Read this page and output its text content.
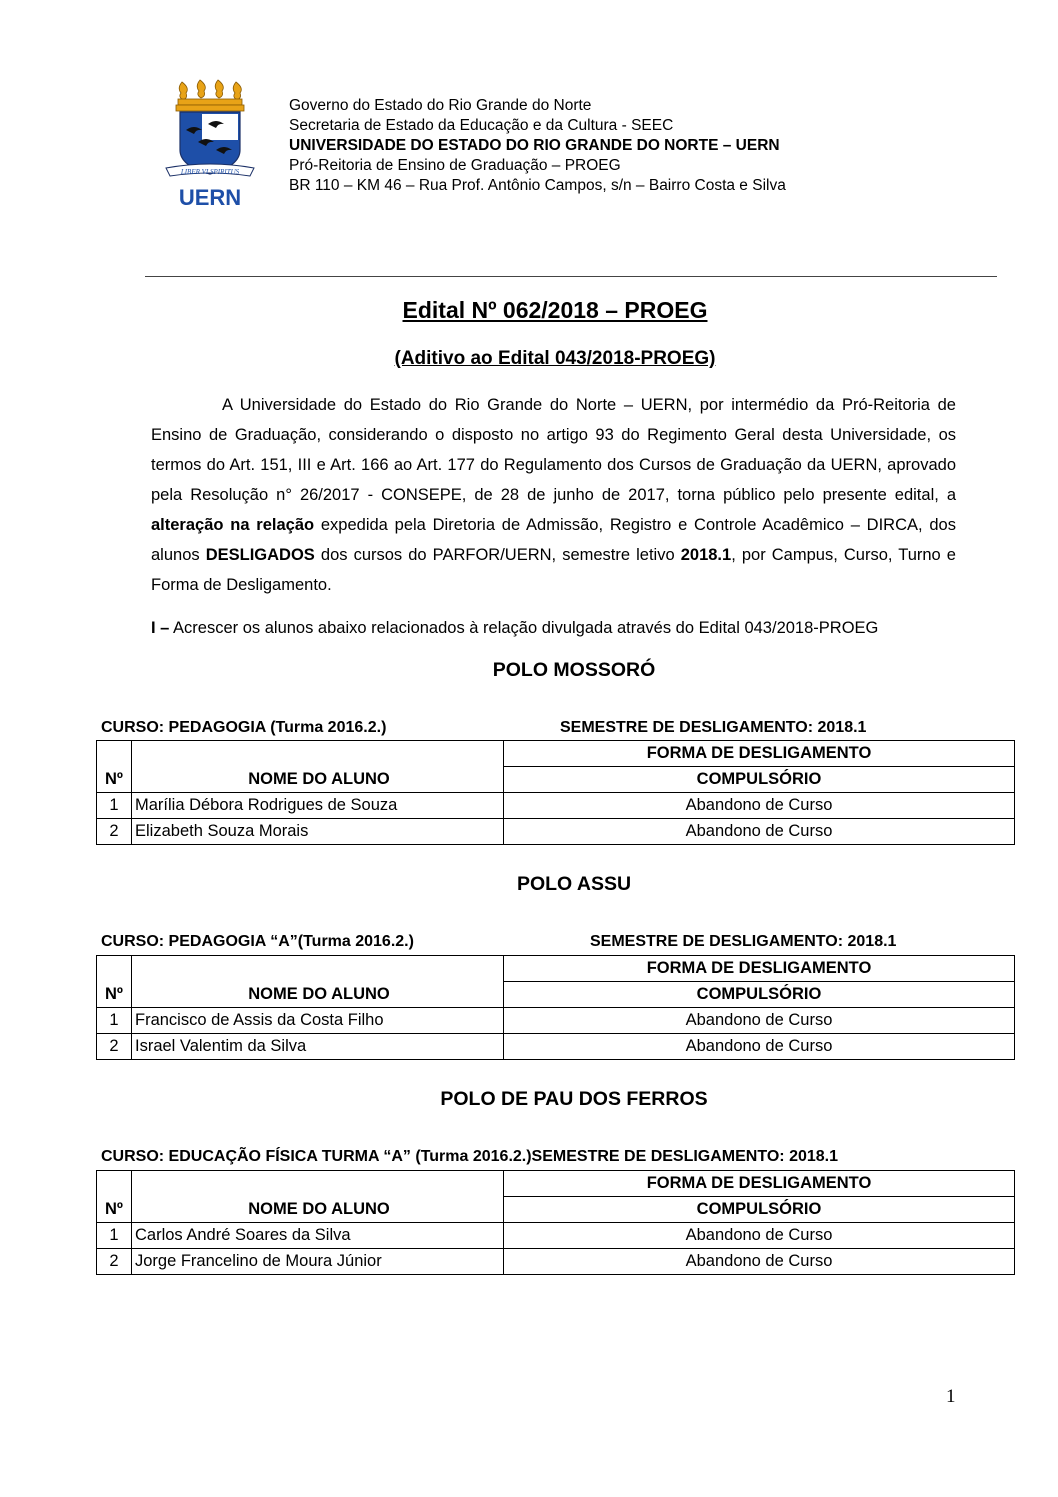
LIBER VI SPIRITUS
UERN
Governo do Estado do Rio Grande do Norte
Secretaria de Estado da Educação e da Cultura - SEEC
UNIVERSIDADE DO ESTADO DO RIO GRANDE DO NORTE – UERN
Pró-Reitoria de Ensino de Graduação – PROEG
BR 110 – KM 46 – Rua Prof. Antônio Campos, s/n – Bairro Costa e Silva
Edital Nº 062/2018 – PROEG
(Aditivo ao Edital 043/2018-PROEG)

A Universidade do Estado do Rio Grande do Norte – UERN, por intermédio da Pró-Reitoria de Ensino de Graduação, considerando o disposto no artigo 93 do Regimento Geral desta Universidade, os termos do Art. 151, III e Art. 166 ao Art. 177 do Regulamento dos Cursos de Graduação da UERN, aprovado pela Resolução n° 26/2017 - CONSEPE, de 28 de junho de 2017, torna público pelo presente edital, a alteração na relação expedida pela Diretoria de Admissão, Registro e Controle Acadêmico – DIRCA, dos alunos DESLIGADOS dos cursos do PARFOR/UERN, semestre letivo 2018.1, por Campus, Curso, Turno e Forma de Desligamento.

I – Acrescer os alunos abaixo relacionados à relação divulgada através do Edital 043/2018-PROEG
POLO MOSSORÓ
CURSO: PEDAGOGIA (Turma 2016.2.)	SEMESTRE DE DESLIGAMENTO: 2018.1
Nº	NOME DO ALUNO	FORMA DE DESLIGAMENTO
		COMPULSÓRIO
1	Marília Débora Rodrigues de Souza	Abandono de Curso
2	Elizabeth Souza Morais	Abandono de Curso
POLO ASSU
CURSO: PEDAGOGIA “A”(Turma 2016.2.)	SEMESTRE DE DESLIGAMENTO: 2018.1
Nº	NOME DO ALUNO	FORMA DE DESLIGAMENTO
		COMPULSÓRIO
1	Francisco de Assis da Costa Filho	Abandono de Curso
2	Israel Valentim da Silva	Abandono de Curso
POLO DE PAU DOS FERROS
CURSO: EDUCAÇÃO FÍSICA TURMA “A” (Turma 2016.2.)SEMESTRE DE DESLIGAMENTO: 2018.1
Nº	NOME DO ALUNO	FORMA DE DESLIGAMENTO
		COMPULSÓRIO
1	Carlos André Soares da Silva	Abandono de Curso
2	Jorge Francelino de Moura Júnior	Abandono de Curso
1
